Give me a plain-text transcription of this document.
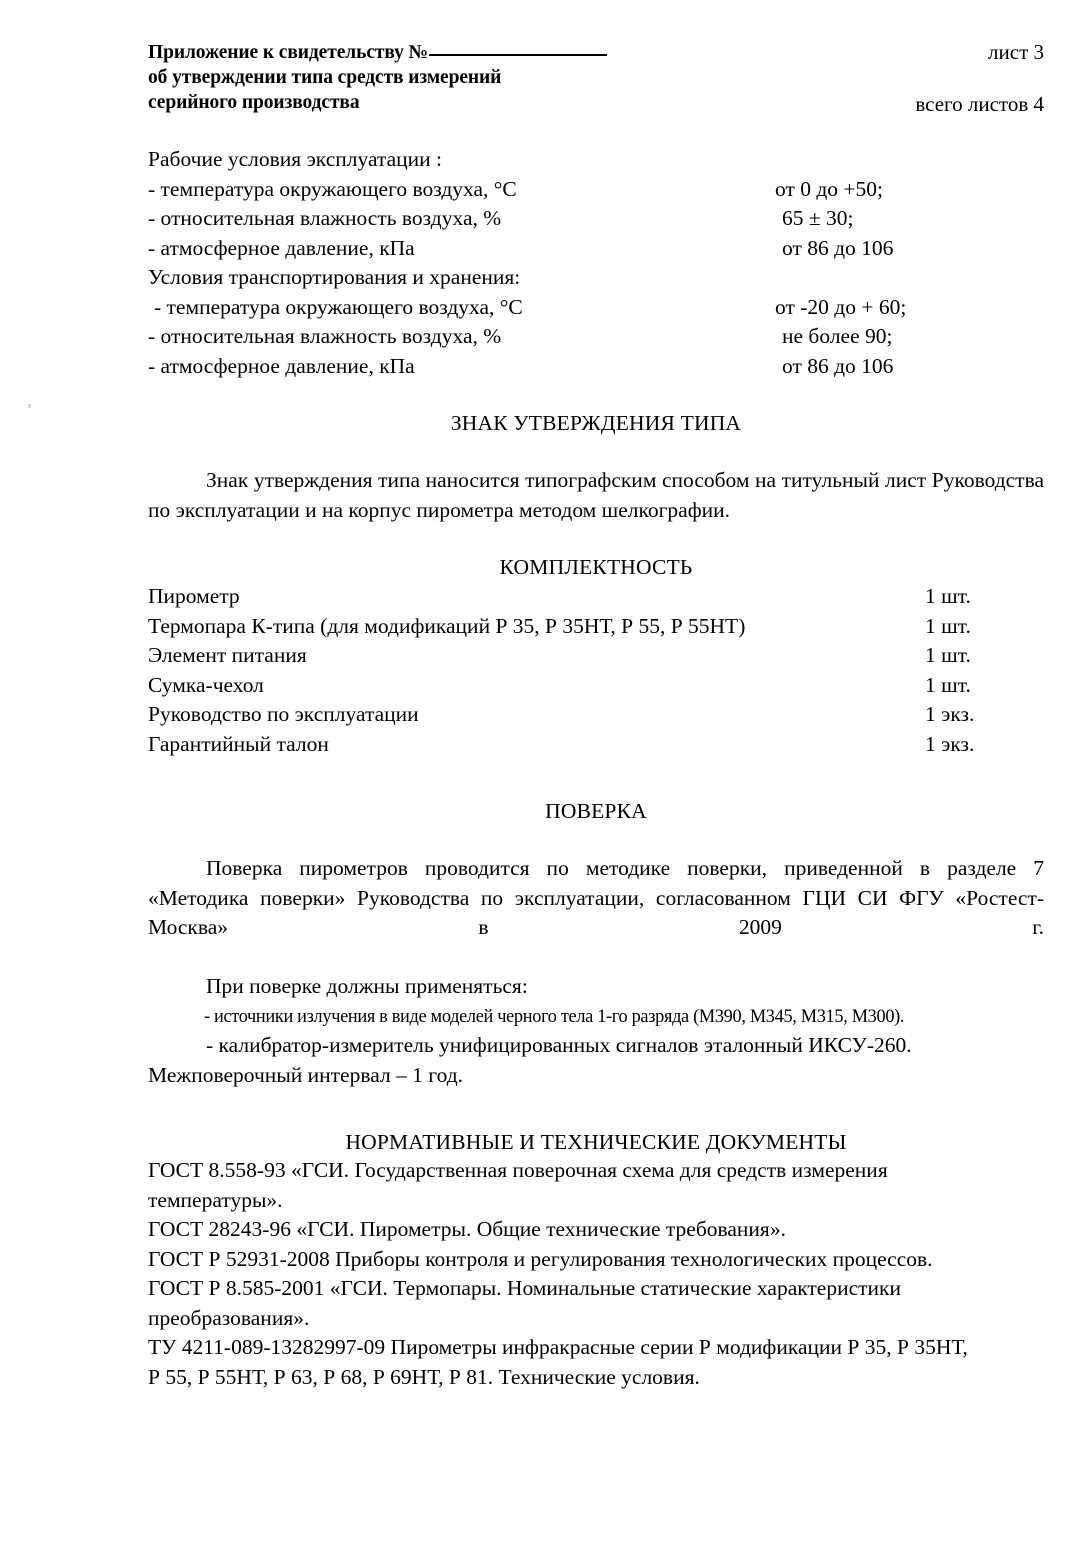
Приложение к свидетельству №
об утверждении типа средств измерений
серийного производства
лист 3
всего листов 4
Рабочие условия эксплуатации :
- температура окружающего воздуха, °С	от 0 до +50;
- относительная влажность воздуха, %	65 ± 30;
- атмосферное давление, кПа	от 86 до 106
Условия транспортирования и хранения:
- температура окружающего воздуха, °С	от -20 до + 60;
- относительная влажность воздуха, %	не более 90;
- атмосферное давление, кПа	от 86 до 106
ЗНАК УТВЕРЖДЕНИЯ ТИПА
Знак утверждения типа наносится типографским способом на титульный лист Руководства по эксплуатации и на корпус пирометра методом шелкографии.
КОМПЛЕКТНОСТЬ
Пирометр	1 шт.
Термопара К-типа (для модификаций Р 35, Р 35НТ, Р 55, Р 55НТ)	1 шт.
Элемент питания	1 шт.
Сумка-чехол	1 шт.
Руководство по эксплуатации	1 экз.
Гарантийный талон	1 экз.
ПОВЕРКА
Поверка пирометров проводится по методике поверки, приведенной в разделе 7 «Методика поверки» Руководства по эксплуатации, согласованном ГЦИ СИ ФГУ «Ростест-Москва» в 2009 г.
При поверке должны применяться:
- источники излучения в виде моделей черного тела 1-го разряда (М390, М345, М315, М300).
- калибратор-измеритель унифицированных сигналов эталонный ИКСУ-260.
Межповерочный интервал – 1 год.
НОРМАТИВНЫЕ И ТЕХНИЧЕСКИЕ ДОКУМЕНТЫ
ГОСТ 8.558-93 «ГСИ. Государственная поверочная схема для средств измерения
температуры».
ГОСТ 28243-96 «ГСИ. Пирометры. Общие технические требования».
ГОСТ Р 52931-2008 Приборы контроля и регулирования технологических процессов.
ГОСТ Р 8.585-2001 «ГСИ. Термопары. Номинальные статические характеристики
преобразования».
ТУ 4211-089-13282997-09 Пирометры инфракрасные серии Р модификации Р 35, Р 35НТ,
Р 55, Р 55НТ, Р 63, Р 68, Р 69НТ, Р 81. Технические условия.
